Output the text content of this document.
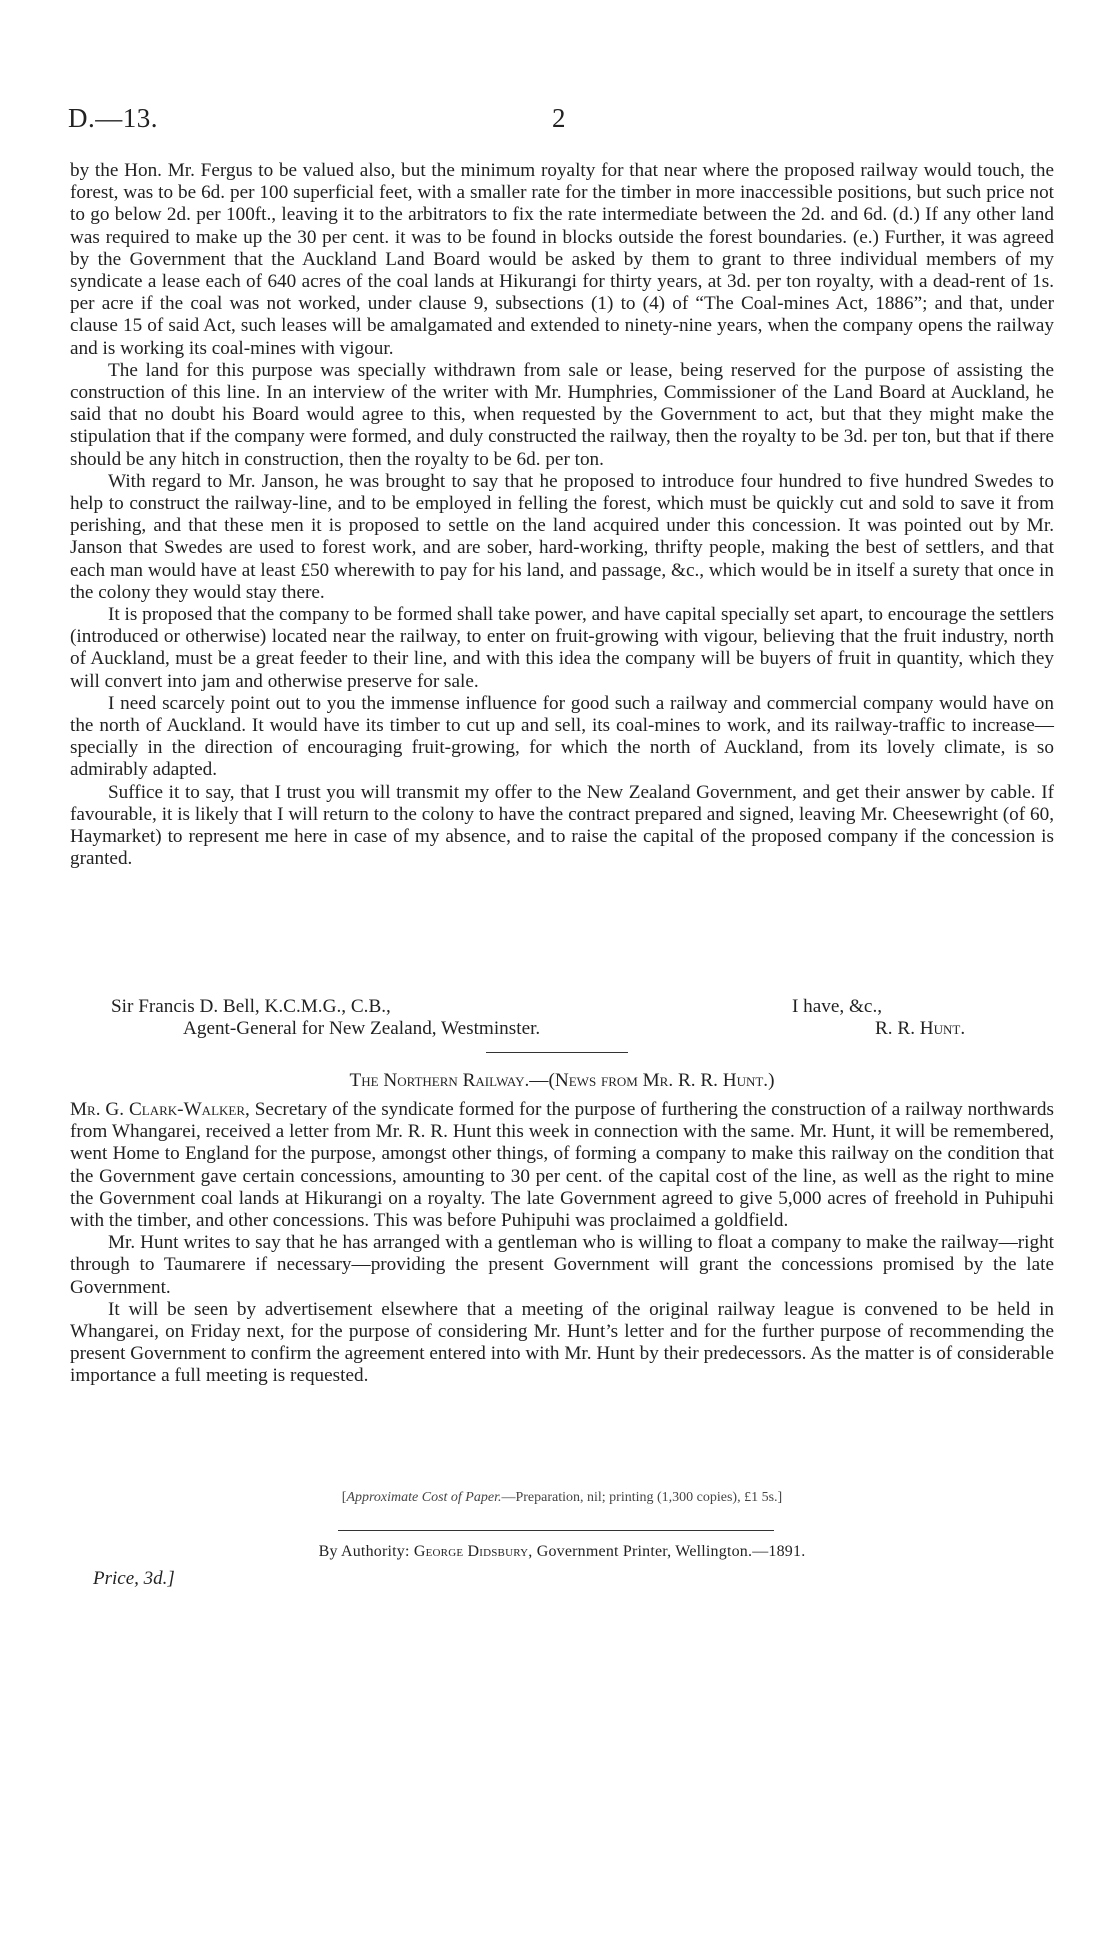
D.—13.	2

by the Hon. Mr. Fergus to be valued also, but the minimum royalty for that near where the proposed railway would touch, the forest, was to be 6d. per 100 superficial feet, with a smaller rate for the timber in more inaccessible positions, but such price not to go below 2d. per 100ft., leaving it to the arbitrators to fix the rate intermediate between the 2d. and 6d. (d.) If any other land was required to make up the 30 per cent. it was to be found in blocks outside the forest boundaries. (e.) Further, it was agreed by the Government that the Auckland Land Board would be asked by them to grant to three individual members of my syndicate a lease each of 640 acres of the coal lands at Hikurangi for thirty years, at 3d. per ton royalty, with a dead-rent of 1s. per acre if the coal was not worked, under clause 9, subsections (1) to (4) of “The Coal-mines Act, 1886”; and that, under clause 15 of said Act, such leases will be amalgamated and extended to ninety-nine years, when the company opens the railway and is working its coal-mines with vigour.

The land for this purpose was specially withdrawn from sale or lease, being reserved for the purpose of assisting the construction of this line. In an interview of the writer with Mr. Humphries, Commissioner of the Land Board at Auckland, he said that no doubt his Board would agree to this, when requested by the Government to act, but that they might make the stipulation that if the company were formed, and duly constructed the railway, then the royalty to be 3d. per ton, but that if there should be any hitch in construction, then the royalty to be 6d. per ton.

With regard to Mr. Janson, he was brought to say that he proposed to introduce four hundred to five hundred Swedes to help to construct the railway-line, and to be employed in felling the forest, which must be quickly cut and sold to save it from perishing, and that these men it is proposed to settle on the land acquired under this concession. It was pointed out by Mr. Janson that Swedes are used to forest work, and are sober, hard-working, thrifty people, making the best of settlers, and that each man would have at least £50 wherewith to pay for his land, and passage, &c., which would be in itself a surety that once in the colony they would stay there.

It is proposed that the company to be formed shall take power, and have capital specially set apart, to encourage the settlers (introduced or otherwise) located near the railway, to enter on fruit-growing with vigour, believing that the fruit industry, north of Auckland, must be a great feeder to their line, and with this idea the company will be buyers of fruit in quantity, which they will convert into jam and otherwise preserve for sale.

I need scarcely point out to you the immense influence for good such a railway and commercial company would have on the north of Auckland. It would have its timber to cut up and sell, its coal-mines to work, and its railway-traffic to increase—specially in the direction of encouraging fruit-growing, for which the north of Auckland, from its lovely climate, is so admirably adapted.

Suffice it to say, that I trust you will transmit my offer to the New Zealand Government, and get their answer by cable. If favourable, it is likely that I will return to the colony to have the contract prepared and signed, leaving Mr. Cheesewright (of 60, Haymarket) to represent me here in case of my absence, and to raise the capital of the proposed company if the concession is granted.

Sir Francis D. Bell, K.C.M.G., C.B.,	I have, &c.,
Agent-General for New Zealand, Westminster.	R. R. Hunt.
The Northern Railway.—(News from Mr. R. R. Hunt.)

Mr. G. Clark-Walker, Secretary of the syndicate formed for the purpose of furthering the construction of a railway northwards from Whangarei, received a letter from Mr. R. R. Hunt this week in connection with the same. Mr. Hunt, it will be remembered, went Home to England for the purpose, amongst other things, of forming a company to make this railway on the condition that the Government gave certain concessions, amounting to 30 per cent. of the capital cost of the line, as well as the right to mine the Government coal lands at Hikurangi on a royalty. The late Government agreed to give 5,000 acres of freehold in Puhipuhi with the timber, and other concessions. This was before Puhipuhi was proclaimed a goldfield.

Mr. Hunt writes to say that he has arranged with a gentleman who is willing to float a company to make the railway—right through to Taumarere if necessary—providing the present Government will grant the concessions promised by the late Government.

It will be seen by advertisement elsewhere that a meeting of the original railway league is convened to be held in Whangarei, on Friday next, for the purpose of considering Mr. Hunt’s letter and for the further purpose of recommending the present Government to confirm the agreement entered into with Mr. Hunt by their predecessors. As the matter is of considerable importance a full meeting is requested.

[Approximate Cost of Paper.—Preparation, nil; printing (1,300 copies), £1 5s.]
By Authority: George Didsbury, Government Printer, Wellington.—1891.
Price, 3d.]
